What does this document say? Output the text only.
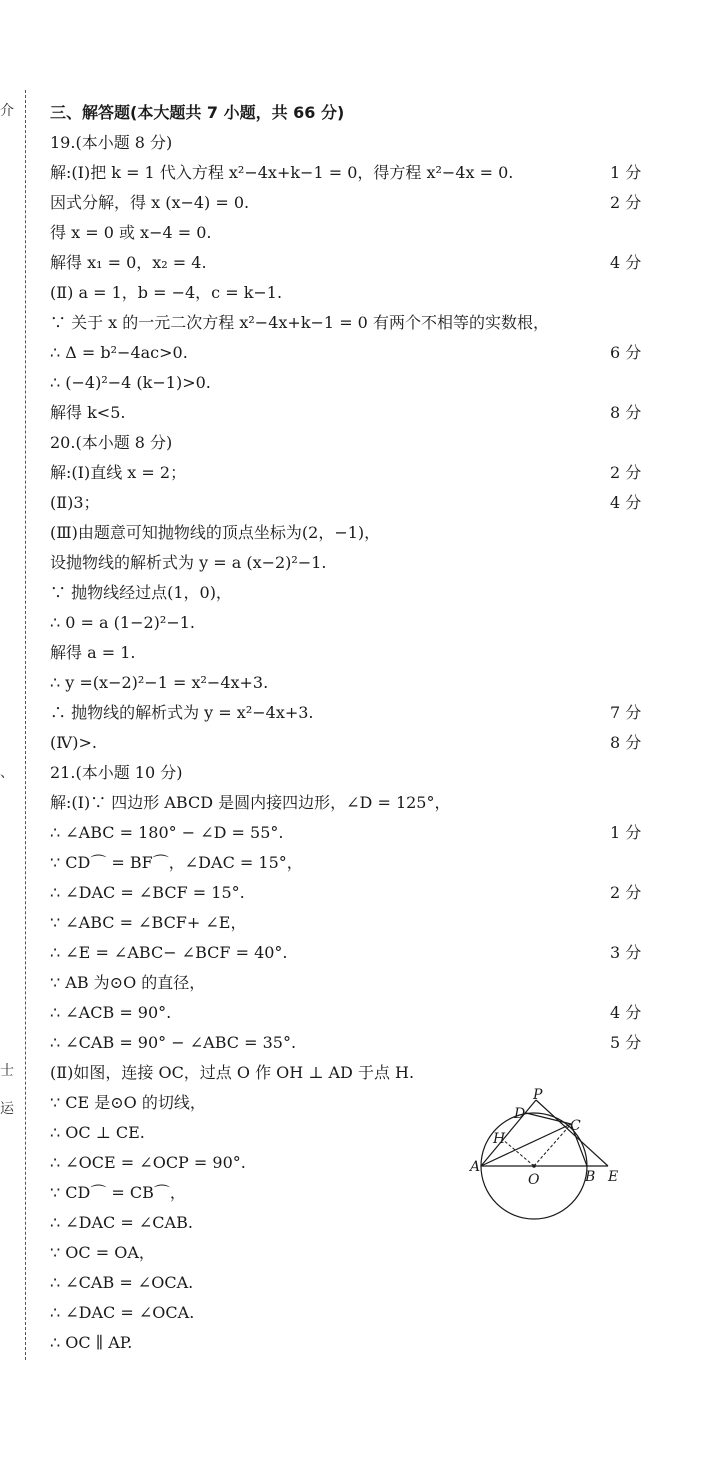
介
、
士
运
三、解答题(本大题共 7 小题，共 66 分)
19.(本小题 8 分)
解:(Ⅰ)把 k = 1 代入方程 x²−4x+k−1 = 0，得方程 x²−4x = 0.	1 分
因式分解，得 x (x−4) = 0.	2 分
得 x = 0 或 x−4 = 0.
解得 x₁ = 0，x₂ = 4.	4 分
(Ⅱ) a = 1，b = −4，c = k−1.
∵ 关于 x 的一元二次方程 x²−4x+k−1 = 0 有两个不相等的实数根，
∴ Δ = b²−4ac>0.	6 分
∴ (−4)²−4 (k−1)>0.
解得 k<5.	8 分
20.(本小题 8 分)
解:(Ⅰ)直线 x = 2；	2 分
(Ⅱ)3；	4 分
(Ⅲ)由题意可知抛物线的顶点坐标为(2，−1)，
设抛物线的解析式为 y = a (x−2)²−1.
∵ 抛物线经过点(1，0)，
∴ 0 = a (1−2)²−1.
解得 a = 1.
∴ y =(x−2)²−1 = x²−4x+3.
∴ 抛物线的解析式为 y = x²−4x+3.	7 分
(Ⅳ)>.	8 分
21.(本小题 10 分)
解:(Ⅰ)∵ 四边形 ABCD 是圆内接四边形，∠D = 125°，
∴ ∠ABC = 180° − ∠D = 55°.	1 分
∵ CD⌒ = BF⌒，∠DAC = 15°，
∴ ∠DAC = ∠BCF = 15°.	2 分
∵ ∠ABC = ∠BCF+ ∠E，
∴ ∠E = ∠ABC− ∠BCF = 40°.	3 分
∵ AB 为⊙O 的直径，
∴ ∠ACB = 90°.	4 分
∴ ∠CAB = 90° − ∠ABC = 35°.	5 分
(Ⅱ)如图，连接 OC，过点 O 作 OH ⊥ AD 于点 H.
∵ CE 是⊙O 的切线，
∴ OC ⊥ CE.
∴ ∠OCE = ∠OCP = 90°.
∵ CD⌒ = CB⌒，
∴ ∠DAC = ∠CAB.
∵ OC = OA，
∴ ∠CAB = ∠OCA.
∴ ∠DAC = ∠OCA.
∴ OC ∥ AP.
P
D
C
H
A
O	B E
